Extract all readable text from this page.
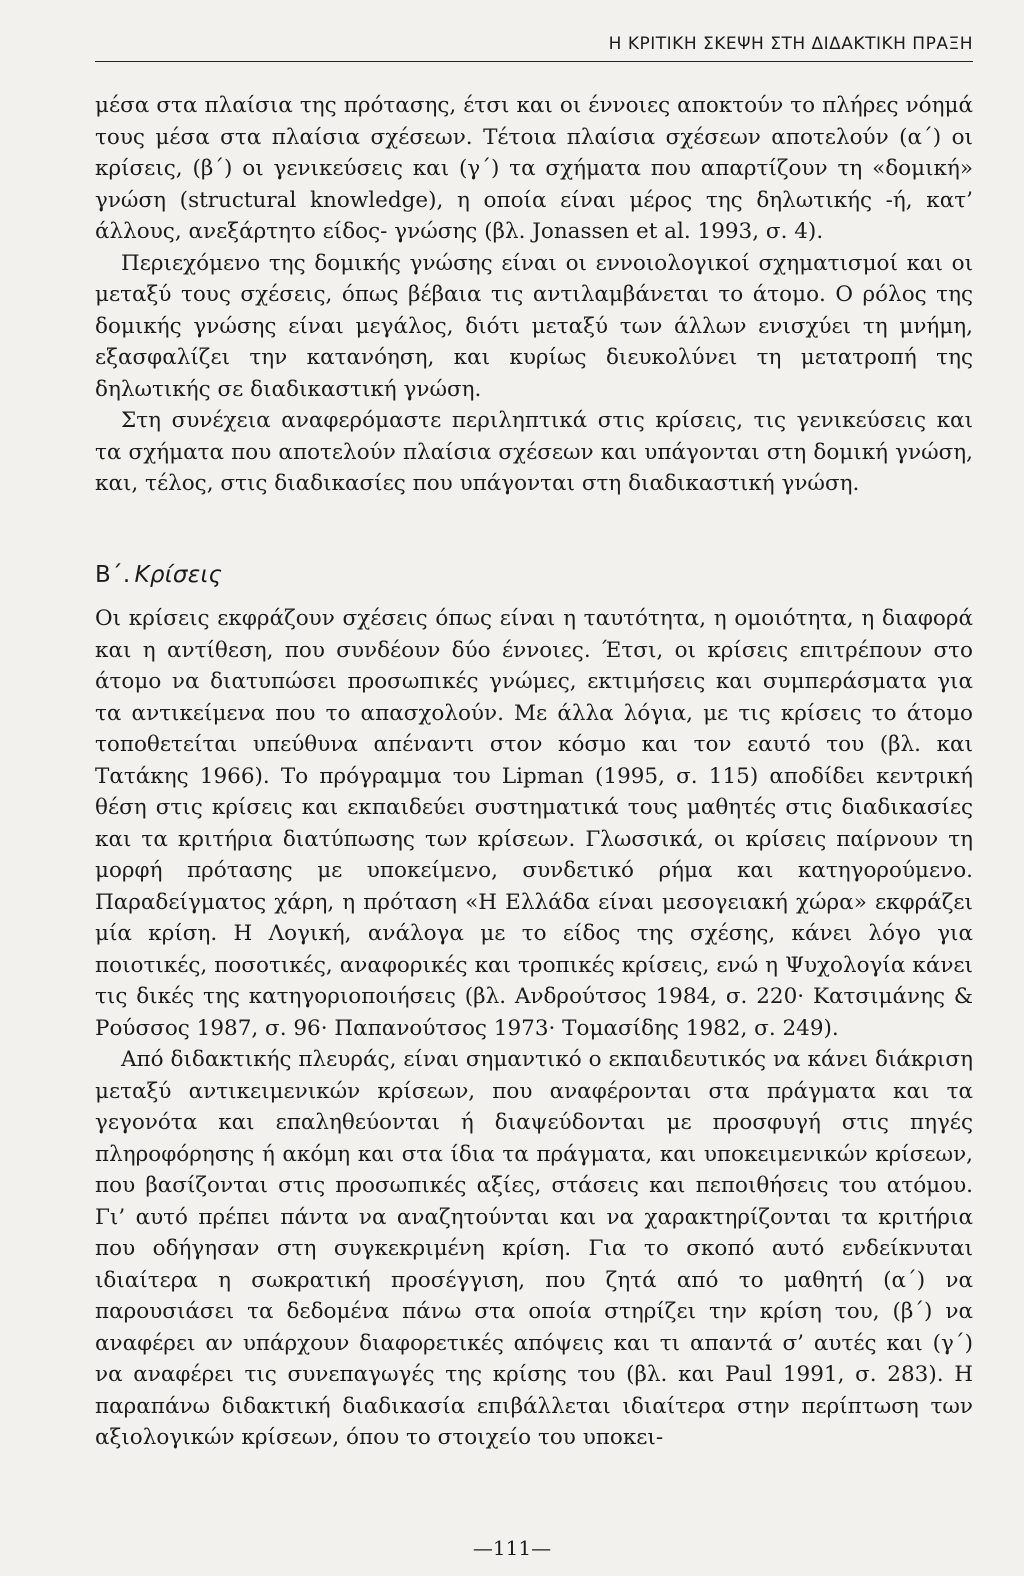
Η ΚΡΙΤΙΚΗ ΣΚΕΨΗ ΣΤΗ ΔΙΔΑΚΤΙΚΗ ΠΡΑΞΗ

μέσα στα πλαίσια της πρότασης, έτσι και οι έννοιες αποκτούν το πλήρες νόημά τους μέσα στα πλαίσια σχέσεων. Τέτοια πλαίσια σχέσεων αποτελούν (α΄) οι κρίσεις, (β΄) οι γενικεύσεις και (γ΄) τα σχήματα που απαρτίζουν τη «δομική» γνώση (structural knowledge), η οποία είναι μέρος της δηλωτικής -ή, κατ’ άλλους, ανεξάρτητο είδος- γνώσης (βλ. Jonassen et al. 1993, σ. 4).

Περιεχόμενο της δομικής γνώσης είναι οι εννοιολογικοί σχηματισμοί και οι μεταξύ τους σχέσεις, όπως βέβαια τις αντιλαμβάνεται το άτομο. Ο ρόλος της δομικής γνώσης είναι μεγάλος, διότι μεταξύ των άλλων ενισχύει τη μνήμη, εξασφαλίζει την κατανόηση, και κυρίως διευκολύνει τη μετατροπή της δηλωτικής σε διαδικαστική γνώση.

Στη συνέχεια αναφερόμαστε περιληπτικά στις κρίσεις, τις γενικεύσεις και τα σχήματα που αποτελούν πλαίσια σχέσεων και υπάγονται στη δομική γνώση, και, τέλος, στις διαδικασίες που υπάγονται στη διαδικαστική γνώση.

Β΄. Κρίσεις

Οι κρίσεις εκφράζουν σχέσεις όπως είναι η ταυτότητα, η ομοιότητα, η διαφορά και η αντίθεση, που συνδέουν δύο έννοιες. Έτσι, οι κρίσεις επιτρέπουν στο άτομο να διατυπώσει προσωπικές γνώμες, εκτιμήσεις και συμπεράσματα για τα αντικείμενα που το απασχολούν. Με άλλα λόγια, με τις κρίσεις το άτομο τοποθετείται υπεύθυνα απέναντι στον κόσμο και τον εαυτό του (βλ. και Τατάκης 1966). Το πρόγραμμα του Lipman (1995, σ. 115) αποδίδει κεντρική θέση στις κρίσεις και εκπαιδεύει συστηματικά τους μαθητές στις διαδικασίες και τα κριτήρια διατύπωσης των κρίσεων. Γλωσσικά, οι κρίσεις παίρνουν τη μορφή πρότασης με υποκείμενο, συνδετικό ρήμα και κατηγορούμενο. Παραδείγματος χάρη, η πρόταση «Η Ελλάδα είναι μεσογειακή χώρα» εκφράζει μία κρίση. Η Λογική, ανάλογα με το είδος της σχέσης, κάνει λόγο για ποιοτικές, ποσοτικές, αναφορικές και τροπικές κρίσεις, ενώ η Ψυχολογία κάνει τις δικές της κατηγοριοποιήσεις (βλ. Ανδρούτσος 1984, σ. 220· Κατσιμάνης & Ρούσσος 1987, σ. 96· Παπανούτσος 1973· Τομασίδης 1982, σ. 249).

Από διδακτικής πλευράς, είναι σημαντικό ο εκπαιδευτικός να κάνει διάκριση μεταξύ αντικειμενικών κρίσεων, που αναφέρονται στα πράγματα και τα γεγονότα και επαληθεύονται ή διαψεύδονται με προσφυγή στις πηγές πληροφόρησης ή ακόμη και στα ίδια τα πράγματα, και υποκειμενικών κρίσεων, που βασίζονται στις προσωπικές αξίες, στάσεις και πεποιθήσεις του ατόμου. Γι’ αυτό πρέπει πάντα να αναζητούνται και να χαρακτηρίζονται τα κριτήρια που οδήγησαν στη συγκεκριμένη κρίση. Για το σκοπό αυτό ενδείκνυται ιδιαίτερα η σωκρατική προσέγγιση, που ζητά από το μαθητή (α΄) να παρουσιάσει τα δεδομένα πάνω στα οποία στηρίζει την κρίση του, (β΄) να αναφέρει αν υπάρχουν διαφορετικές απόψεις και τι απαντά σ’ αυτές και (γ΄) να αναφέρει τις συνεπαγωγές της κρίσης του (βλ. και Paul 1991, σ. 283). Η παραπάνω διδακτική διαδικασία επιβάλλεται ιδιαίτερα στην περίπτωση των αξιολογικών κρίσεων, όπου το στοιχείο του υποκει-

—111—
